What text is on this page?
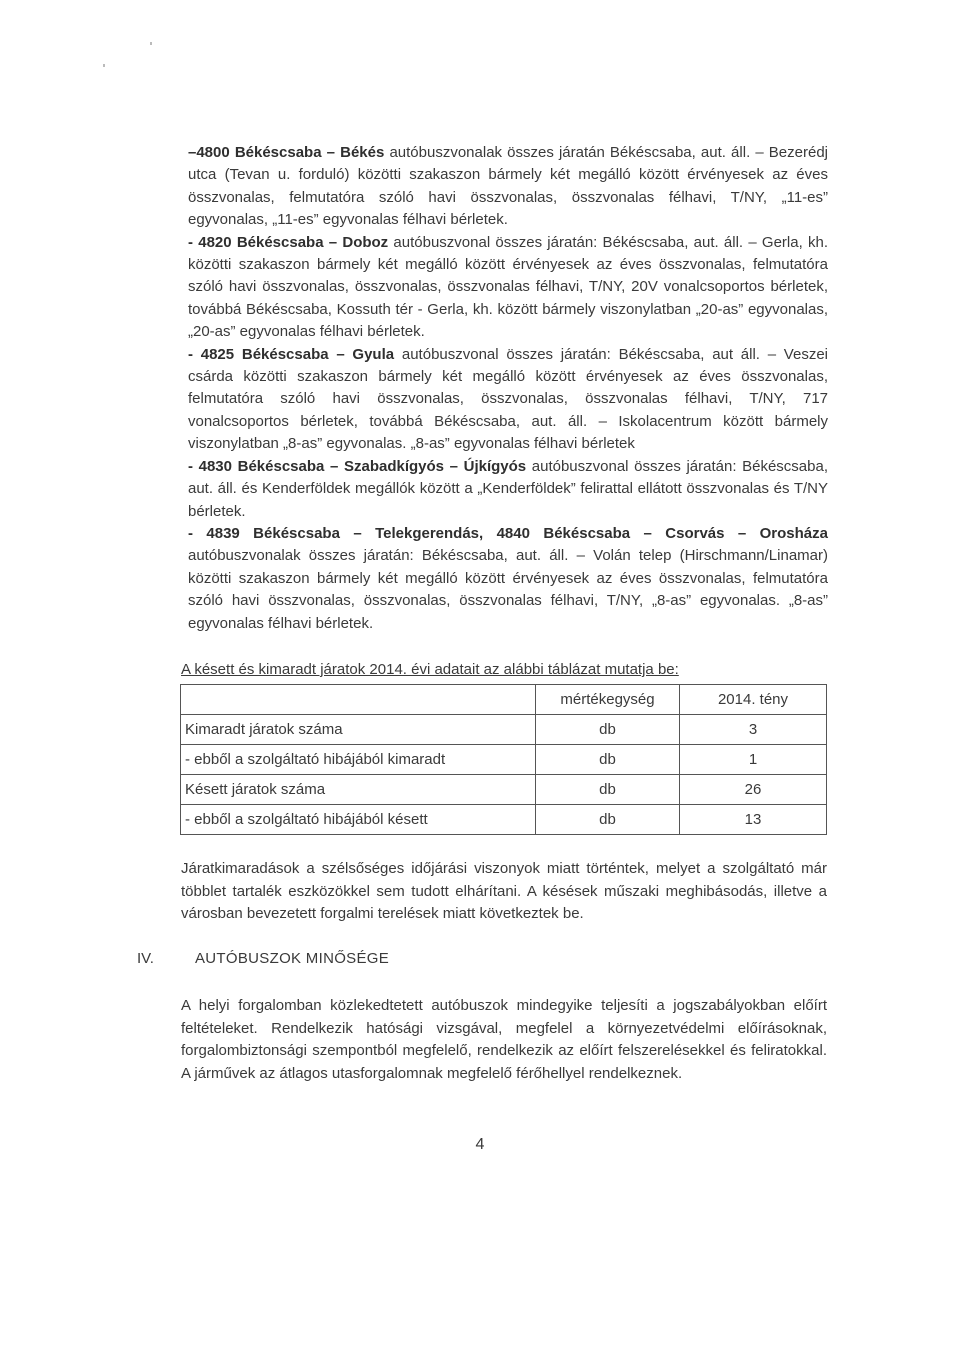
–4800 Békéscsaba – Békés autóbuszvonalak összes járatán Békéscsaba, aut. áll. – Bezerédj utca (Tevan u. forduló) közötti szakaszon bármely két megálló között érvényesek az éves összvonalas, felmutatóra szóló havi összvonalas, összvonalas félhavi, T/NY, „11-es” egyvonalas, „11-es” egyvonalas félhavi bérletek.

- 4820 Békéscsaba – Doboz autóbuszvonal összes járatán: Békéscsaba, aut. áll. – Gerla, kh. közötti szakaszon bármely két megálló között érvényesek az éves összvonalas, felmutatóra szóló havi összvonalas, összvonalas, összvonalas félhavi, T/NY, 20V vonalcsoportos bérletek, továbbá Békéscsaba, Kossuth tér - Gerla, kh. között bármely viszonylatban „20-as” egyvonalas, „20-as” egyvonalas félhavi bérletek.

- 4825 Békéscsaba – Gyula autóbuszvonal összes járatán: Békéscsaba, aut áll. – Veszei csárda közötti szakaszon bármely két megálló között érvényesek az éves összvonalas, felmutatóra szóló havi összvonalas, összvonalas, összvonalas félhavi, T/NY, 717 vonalcsoportos bérletek, továbbá Békéscsaba, aut. áll. – Iskolacentrum között bármely viszonylatban „8-as” egyvonalas. „8-as” egyvonalas félhavi bérletek

- 4830 Békéscsaba – Szabadkígyós – Újkígyós autóbuszvonal összes járatán: Békéscsaba, aut. áll. és Kenderföldek megállók között a „Kenderföldek” felirattal ellátott összvonalas és T/NY bérletek.

- 4839 Békéscsaba – Telekgerendás, 4840 Békéscsaba – Csorvás – Orosháza autóbuszvonalak összes járatán: Békéscsaba, aut. áll. – Volán telep (Hirschmann/Linamar) közötti szakaszon bármely két megálló között érvényesek az éves összvonalas, felmutatóra szóló havi összvonalas, összvonalas, összvonalas félhavi, T/NY, „8-as” egyvonalas. „8-as” egyvonalas félhavi bérletek.

A késett és kimaradt járatok 2014. évi adatait az alábbi táblázat mutatja be:
	mértékegység	2014. tény
Kimaradt járatok száma	db	3
- ebből a szolgáltató hibájából kimaradt	db	1
Késett járatok száma	db	26
- ebből a szolgáltató hibájából késett	db	13

Járatkimaradások a szélsőséges időjárási viszonyok miatt történtek, melyet a szolgáltató már többlet tartalék eszközökkel sem tudott elhárítani. A késések műszaki meghibásodás, illetve a városban bevezetett forgalmi terelések miatt következtek be.

IV.	AUTÓBUSZOK MINŐSÉGE

A helyi forgalomban közlekedtetett autóbuszok mindegyike teljesíti a jogszabályokban előírt feltételeket. Rendelkezik hatósági vizsgával, megfelel a környezetvédelmi előírásoknak, forgalombiztonsági szempontból megfelelő, rendelkezik az előírt felszerelésekkel és feliratokkal. A járművek az átlagos utasforgalomnak megfelelő férőhellyel rendelkeznek.

4
